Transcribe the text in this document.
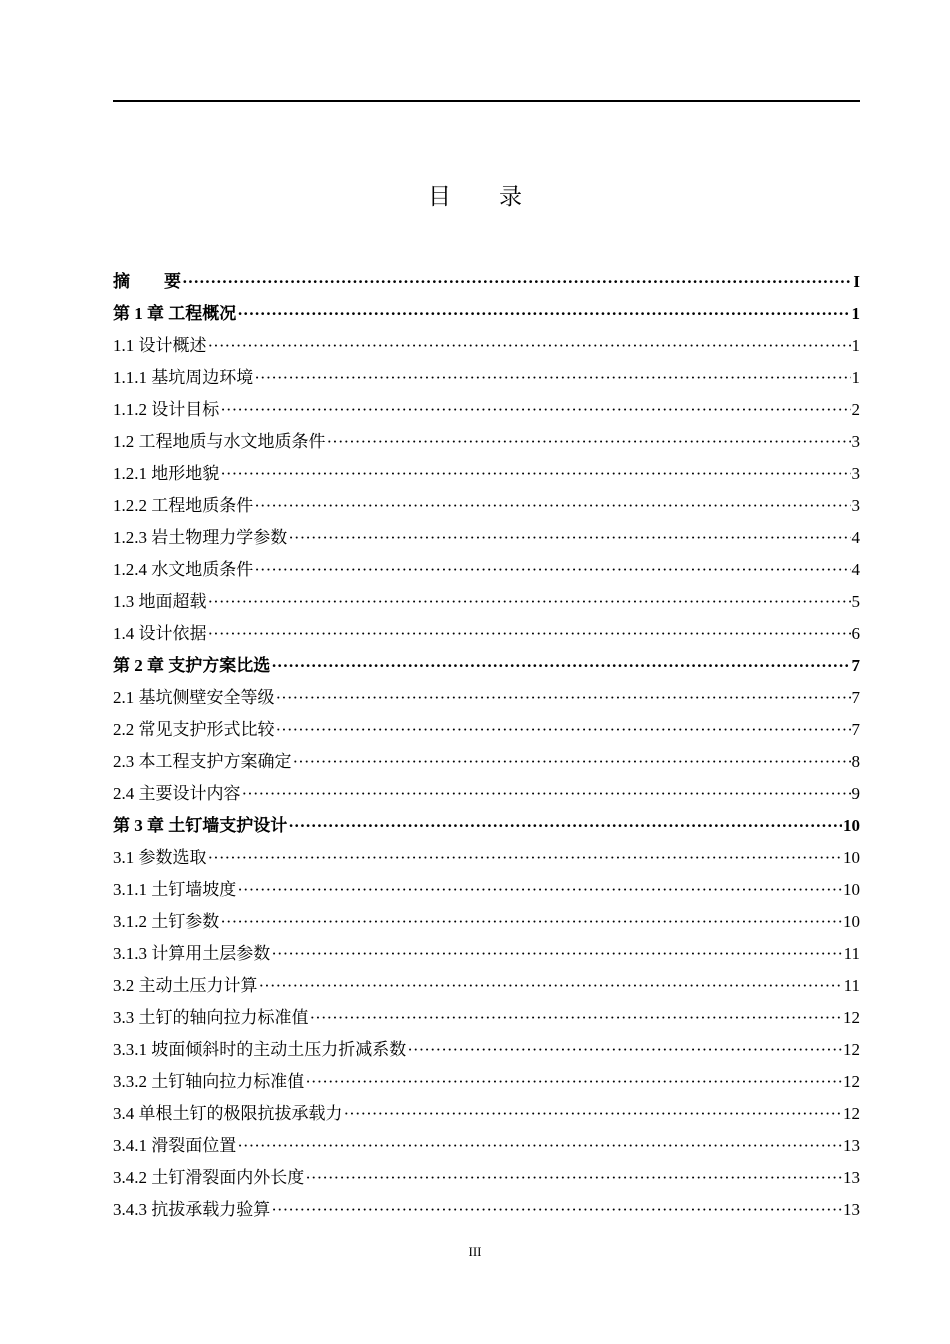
目 录
摘　　要 ·····	I
第 1 章 工程概况 ·····	1
1.1 设计概述 ·····	1
1.1.1 基坑周边环境 ·····	1
1.1.2 设计目标 ·····	2
1.2 工程地质与水文地质条件 ·····	3
1.2.1 地形地貌 ·····	3
1.2.2 工程地质条件 ·····	3
1.2.3 岩土物理力学参数 ·····	4
1.2.4 水文地质条件 ·····	4
1.3 地面超载 ·····	5
1.4 设计依据 ·····	6
第 2 章 支护方案比选 ·····	7
2.1 基坑侧壁安全等级 ·····	7
2.2 常见支护形式比较 ·····	7
2.3 本工程支护方案确定 ·····	8
2.4 主要设计内容 ·····	9
第 3 章 土钉墙支护设计 ·····	10
3.1 参数选取 ·····	10
3.1.1 土钉墙坡度 ·····	10
3.1.2 土钉参数 ·····	10
3.1.3 计算用土层参数 ·····	11
3.2 主动土压力计算 ·····	11
3.3 土钉的轴向拉力标准值 ·····	12
3.3.1 坡面倾斜时的主动土压力折减系数 ·····	12
3.3.2 土钉轴向拉力标准值 ·····	12
3.4 单根土钉的极限抗拔承载力 ·····	12
3.4.1 滑裂面位置 ·····	13
3.4.2 土钉滑裂面内外长度 ·····	13
3.4.3 抗拔承载力验算 ·····	13
III
